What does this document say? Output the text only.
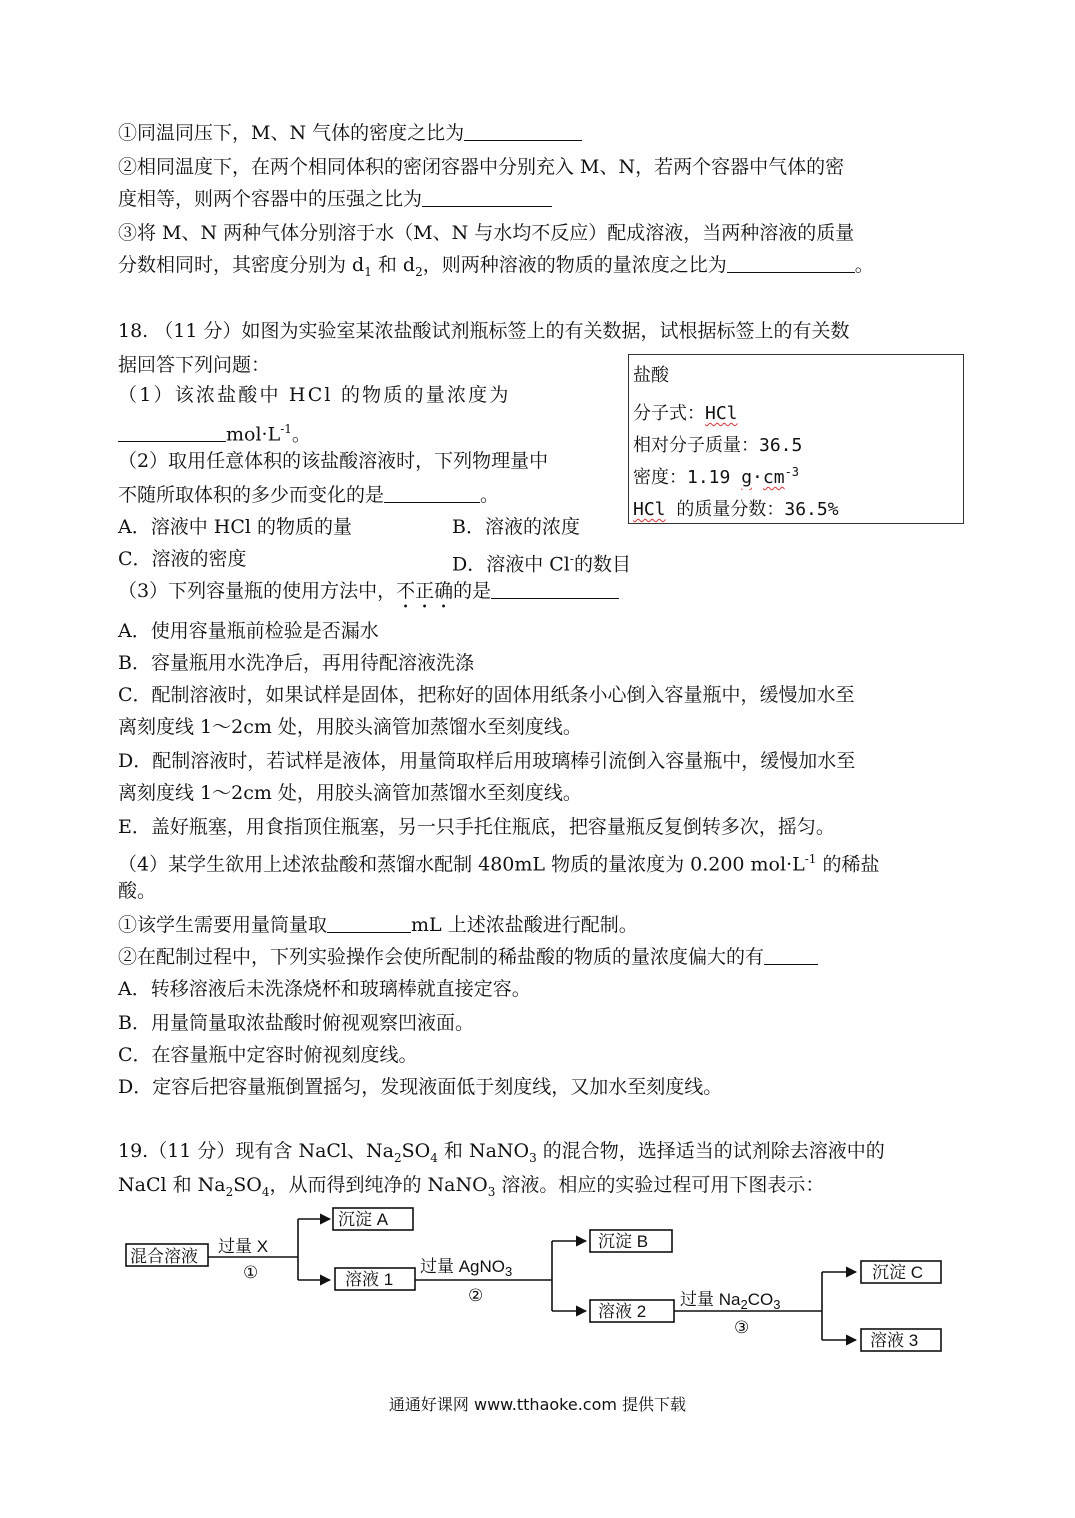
①同温同压下，M、N 气体的密度之比为
②相同温度下，在两个相同体积的密闭容器中分别充入 M、N，若两个容器中气体的密
度相等，则两个容器中的压强之比为
③将 M、N 两种气体分别溶于水（M、N 与水均不反应）配成溶液，当两种溶液的质量
分数相同时，其密度分别为 $d_1$ 和 $d_2$，则两种溶液的物质的量浓度之比为	。
18. （11 分）如图为实验室某浓盐酸试剂瓶标签上的有关数据，试根据标签上的有关数
据回答下列问题：
（1）该浓盐酸中 HCl 的物质的量浓度为
$mol\cdot L^{-1}$。
（2）取用任意体积的该盐酸溶液时，下列物理量中
不随所取体积的多少而变化的是	。
A．溶液中 HCl 的物质的量	B．溶液的浓度
C．溶液的密度	D．溶液中 Cl-的数目
盐酸
分子式：HCl
相对分子质量：36.5
密度：1.19 $g\cdot cm^{-3}$
HCl 的质量分数：36.5%
（3）下列容量瓶的使用方法中，不正确的是
A．使用容量瓶前检验是否漏水
B．容量瓶用水洗净后，再用待配溶液洗涤
C．配制溶液时，如果试样是固体，把称好的固体用纸条小心倒入容量瓶中，缓慢加水至
离刻度线 1～2cm 处，用胶头滴管加蒸馏水至刻度线。
D．配制溶液时，若试样是液体，用量筒取样后用玻璃棒引流倒入容量瓶中，缓慢加水至
离刻度线 1～2cm 处，用胶头滴管加蒸馏水至刻度线。
E．盖好瓶塞，用食指顶住瓶塞，另一只手托住瓶底，把容量瓶反复倒转多次，摇匀。
（4）某学生欲用上述浓盐酸和蒸馏水配制 480mL 物质的量浓度为 0.200 $mol\cdot L^{-1}$ 的稀盐
酸。
①该学生需要用量筒量取	mL 上述浓盐酸进行配制。
②在配制过程中，下列实验操作会使所配制的稀盐酸的物质的量浓度偏大的有
A．转移溶液后未洗涤烧杯和玻璃棒就直接定容。
B．用量筒量取浓盐酸时俯视观察凹液面。
C．在容量瓶中定容时俯视刻度线。
D．定容后把容量瓶倒置摇匀，发现液面低于刻度线，又加水至刻度线。
19.（11 分）现有含 NaCl、$Na_2SO_4$ 和 NaNO$_3$ 的混合物，选择适当的试剂除去溶液中的
NaCl 和 $Na_2SO_4$，从而得到纯净的 NaNO$_3$ 溶液。相应的实验过程可用下图表示：
混合溶液
过量 X
①
沉淀 A
溶液 1
过量 AgNO$_3$
②
沉淀 B
溶液 2
过量 $Na_2CO_3$
③
沉淀 C
溶液 3
通通好课网 www.tthaoke.com 提供下载
